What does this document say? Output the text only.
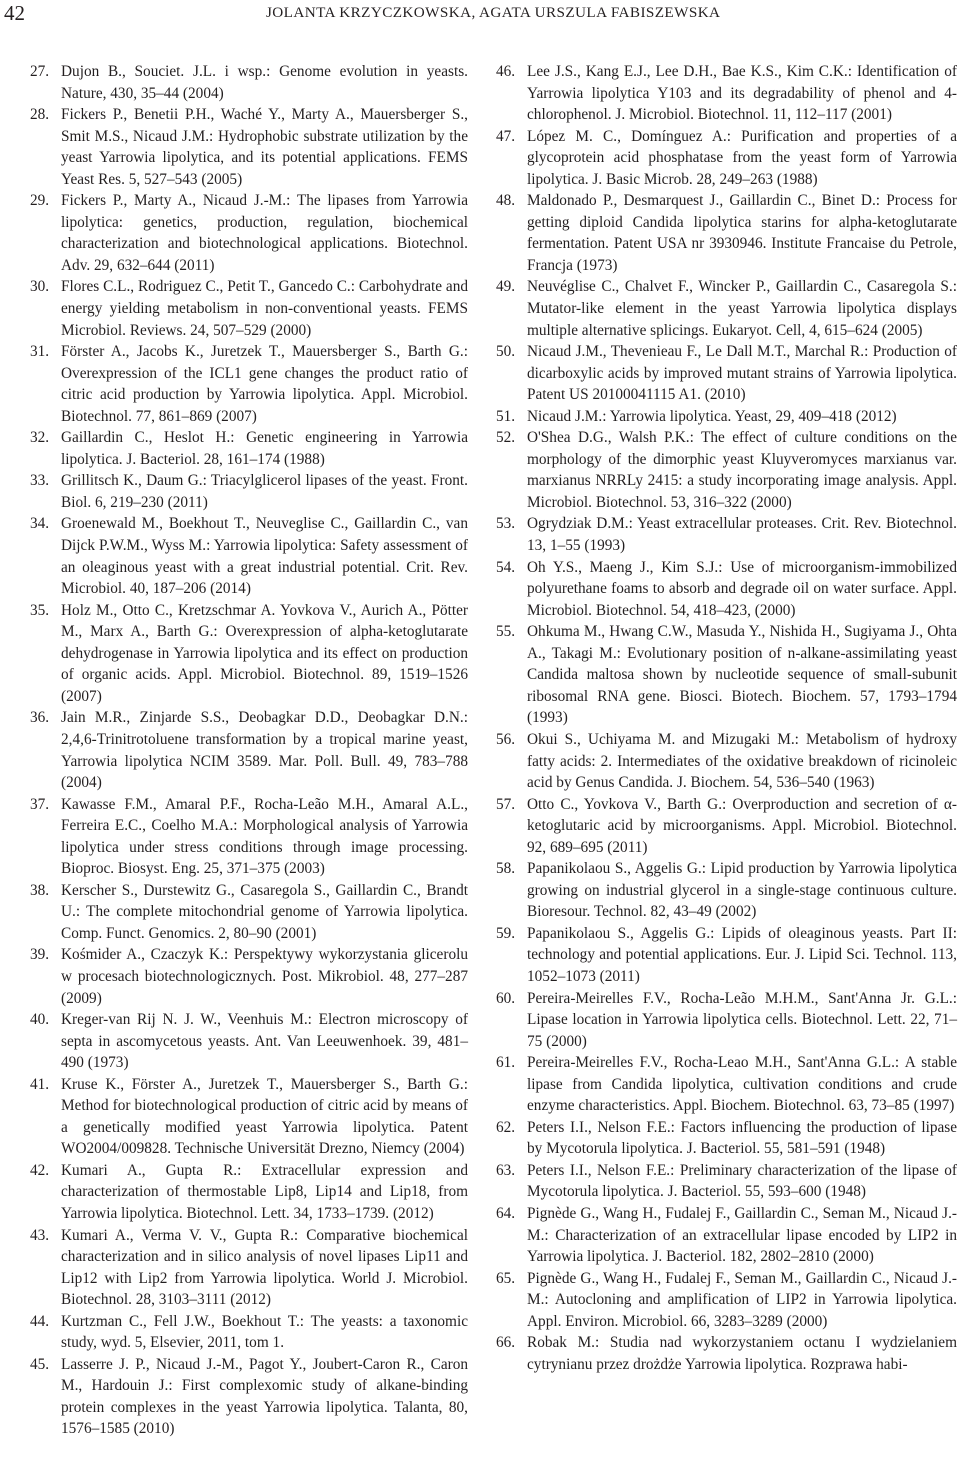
42	JOLANTA KRZYCZKOWSKA, AGATA URSZULA FABISZEWSKA

27. Dujon B., Souciet. J.L. i wsp.: Genome evolution in yeasts. Nature, 430, 35–44 (2004)

28. Fickers P., Benetii P.H., Waché Y., Marty A., Mauersberger S., Smit M.S., Nicaud J.M.: Hydrophobic substrate utilization by the yeast Yarrowia lipolytica, and its potential applications. FEMS Yeast Res. 5, 527–543 (2005)

29. Fickers P., Marty A., Nicaud J.-M.: The lipases from Yarrowia lipolytica: genetics, production, regulation, biochemical characterization and biotechnological applications. Biotechnol. Adv. 29, 632–644 (2011)

30. Flores C.L., Rodriguez C., Petit T., Gancedo C.: Carbohydrate and energy yielding metabolism in non-conventional yeasts. FEMS Microbiol. Reviews. 24, 507–529 (2000)

31. Förster A., Jacobs K., Juretzek T., Mauersberger S., Barth G.: Overexpression of the ICL1 gene changes the product ratio of citric acid production by Yarrowia lipolytica. Appl. Microbiol. Biotechnol. 77, 861–869 (2007)

32. Gaillardin C., Heslot H.: Genetic engineering in Yarrowia lipolytica. J. Bacteriol. 28, 161–174 (1988)

33. Grillitsch K., Daum G.: Triacylglicerol lipases of the yeast. Front. Biol. 6, 219–230 (2011)

34. Groenewald M., Boekhout T., Neuveglise C., Gaillardin C., van Dijck P.W.M., Wyss M.: Yarrowia lipolytica: Safety assessment of an oleaginous yeast with a great industrial potential. Crit. Rev. Microbiol. 40, 187–206 (2014)

35. Holz M., Otto C., Kretzschmar A. Yovkova V., Aurich A., Pötter M., Marx A., Barth G.: Overexpression of alpha-ketoglutarate dehydrogenase in Yarrowia lipolytica and its effect on production of organic acids. Appl. Microbiol. Biotechnol. 89, 1519–1526 (2007)

36. Jain M.R., Zinjarde S.S., Deobagkar D.D., Deobagkar D.N.: 2,4,6-Trinitrotoluene transformation by a tropical marine yeast, Yarrowia lipolytica NCIM 3589. Mar. Poll. Bull. 49, 783–788 (2004)

37. Kawasse F.M., Amaral P.F., Rocha-Leão M.H., Amaral A.L., Ferreira E.C., Coelho M.A.: Morphological analysis of Yarrowia lipolytica under stress conditions through image processing. Bioproc. Biosyst. Eng. 25, 371–375 (2003)

38. Kerscher S., Durstewitz G., Casaregola S., Gaillardin C., Brandt U.: The complete mitochondrial genome of Yarrowia lipolytica. Comp. Funct. Genomics. 2, 80–90 (2001)

39. Kośmider A., Czaczyk K.: Perspektywy wykorzystania glicerolu w procesach biotechnologicznych. Post. Mikrobiol. 48, 277–287 (2009)

40. Kreger-van Rij N. J. W., Veenhuis M.: Electron microscopy of septa in ascomycetous yeasts. Ant. Van Leeuwenhoek. 39, 481–490 (1973)

41. Kruse K., Förster A., Juretzek T., Mauersberger S., Barth G.: Method for biotechnological production of citric acid by means of a genetically modified yeast Yarrowia lipolytica. Patent WO2004/009828. Technische Universität Drezno, Niemcy (2004)

42. Kumari A., Gupta R.: Extracellular expression and characterization of thermostable Lip8, Lip14 and Lip18, from Yarrowia lipolytica. Biotechnol. Lett. 34, 1733–1739. (2012)

43. Kumari A., Verma V. V., Gupta R.: Comparative biochemical characterization and in silico analysis of novel lipases Lip11 and Lip12 with Lip2 from Yarrowia lipolytica. World J. Microbiol. Biotechnol. 28, 3103–3111 (2012)

44. Kurtzman C., Fell J.W., Boekhout T.: The yeasts: a taxonomic study, wyd. 5, Elsevier, 2011, tom 1.

45. Lasserre J. P., Nicaud J.-M., Pagot Y., Joubert-Caron R., Caron M., Hardouin J.: First complexomic study of alkane-binding protein complexes in the yeast Yarrowia lipolytica. Talanta, 80, 1576–1585 (2010)

46. Lee J.S., Kang E.J., Lee D.H., Bae K.S., Kim C.K.: Identification of Yarrowia lipolytica Y103 and its degradability of phenol and 4-chlorophenol. J. Microbiol. Biotechnol. 11, 112–117 (2001)

47. López M. C., Domínguez A.: Purification and properties of a glycoprotein acid phosphatase from the yeast form of Yarrowia lipolytica. J. Basic Microb. 28, 249–263 (1988)

48. Maldonado P., Desmarquest J., Gaillardin C., Binet D.: Process for getting diploid Candida lipolytica starins for alpha-ketoglutarate fermentation. Patent USA nr 3930946. Institute Francaise du Petrole, Francja (1973)

49. Neuvéglise C., Chalvet F., Wincker P., Gaillardin C., Casaregola S.: Mutator-like element in the yeast Yarrowia lipolytica displays multiple alternative splicings. Eukaryot. Cell, 4, 615–624 (2005)

50. Nicaud J.M., Thevenieau F., Le Dall M.T., Marchal R.: Production of dicarboxylic acids by improved mutant strains of Yarrowia lipolytica. Patent US 20100041115 A1. (2010)

51. Nicaud J.M.: Yarrowia lipolytica. Yeast, 29, 409–418 (2012)

52. O'Shea D.G., Walsh P.K.: The effect of culture conditions on the morphology of the dimorphic yeast Kluyveromyces marxianus var. marxianus NRRLy 2415: a study incorporating image analysis. Appl. Microbiol. Biotechnol. 53, 316–322 (2000)

53. Ogrydziak D.M.: Yeast extracellular proteases. Crit. Rev. Biotechnol. 13, 1–55 (1993)

54. Oh Y.S., Maeng J., Kim S.J.: Use of microorganism-immobilized polyurethane foams to absorb and degrade oil on water surface. Appl. Microbiol. Biotechnol. 54, 418–423, (2000)

55. Ohkuma M., Hwang C.W., Masuda Y., Nishida H., Sugiyama J., Ohta A., Takagi M.: Evolutionary position of n-alkane-assimilating yeast Candida maltosa shown by nucleotide sequence of small-subunit ribosomal RNA gene. Biosci. Biotech. Biochem. 57, 1793–1794 (1993)

56. Okui S., Uchiyama M. and Mizugaki M.: Metabolism of hydroxy fatty acids: 2. Intermediates of the oxidative breakdown of ricinoleic acid by Genus Candida. J. Biochem. 54, 536–540 (1963)

57. Otto C., Yovkova V., Barth G.: Overproduction and secretion of α-ketoglutaric acid by microorganisms. Appl. Microbiol. Biotechnol. 92, 689–695 (2011)

58. Papanikolaou S., Aggelis G.: Lipid production by Yarrowia lipolytica growing on industrial glycerol in a single-stage continuous culture. Bioresour. Technol. 82, 43–49 (2002)

59. Papanikolaou S., Aggelis G.: Lipids of oleaginous yeasts. Part II: technology and potential applications. Eur. J. Lipid Sci. Technol. 113, 1052–1073 (2011)

60. Pereira-Meirelles F.V., Rocha-Leão M.H.M., Sant'Anna Jr. G.L.: Lipase location in Yarrowia lipolytica cells. Biotechnol. Lett. 22, 71–75 (2000)

61. Pereira-Meirelles F.V., Rocha-Leao M.H., Sant'Anna G.L.: A stable lipase from Candida lipolytica, cultivation conditions and crude enzyme characteristics. Appl. Biochem. Biotechnol. 63, 73–85 (1997)

62. Peters I.I., Nelson F.E.: Factors influencing the production of lipase by Mycotorula lipolytica. J. Bacteriol. 55, 581–591 (1948)

63. Peters I.I., Nelson F.E.: Preliminary characterization of the lipase of Mycotorula lipolytica. J. Bacteriol. 55, 593–600 (1948)

64. Pignède G., Wang H., Fudalej F., Gaillardin C., Seman M., Nicaud J.-M.: Characterization of an extracellular lipase encoded by LIP2 in Yarrowia lipolytica. J. Bacteriol. 182, 2802–2810 (2000)

65. Pignède G., Wang H., Fudalej F., Seman M., Gaillardin C., Nicaud J.-M.: Autocloning and amplification of LIP2 in Yarrowia lipolytica. Appl. Environ. Microbiol. 66, 3283–3289 (2000)

66. Robak M.: Studia nad wykorzystaniem octanu I wydzielaniem cytrynianu przez drożdże Yarrowia lipolytica. Rozprawa habi-
